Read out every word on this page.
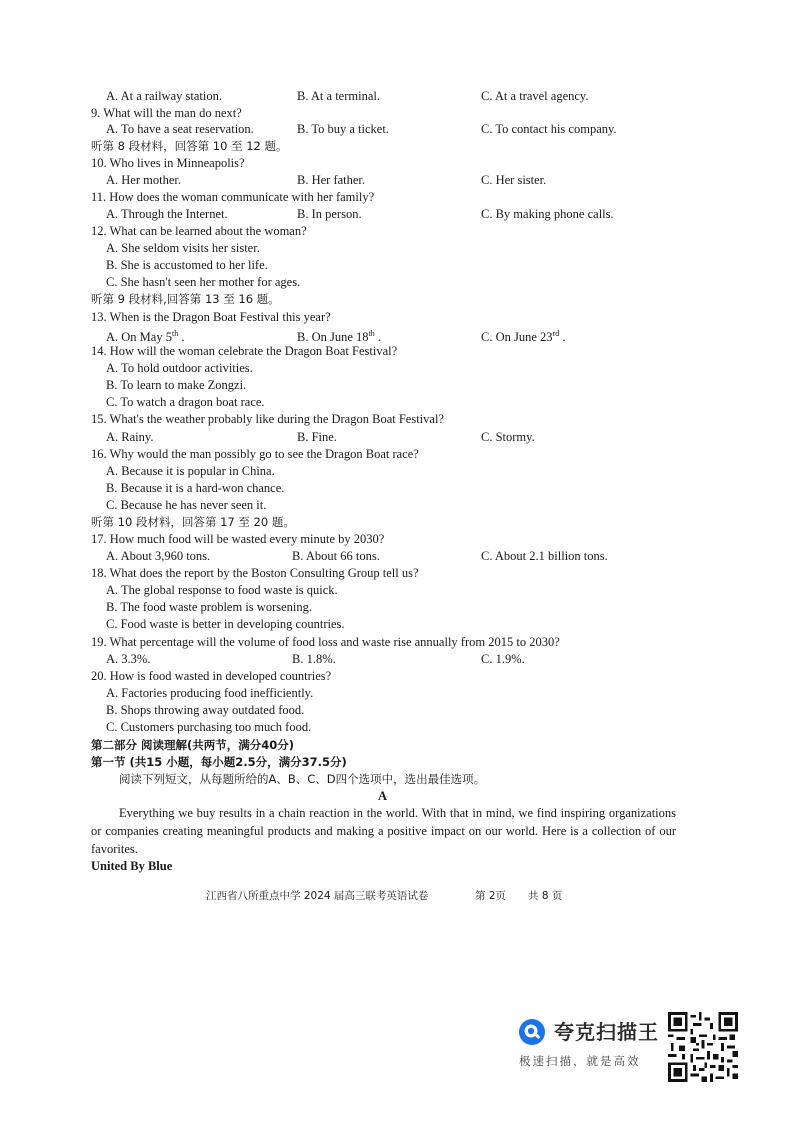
A. At a railway station.	B. At a terminal.	C. At a travel agency.
9. What will the man do next?
A. To have a seat reservation.	B. To buy a ticket.	C. To contact his company.
听第 8 段材料，回答第 10 至 12 题。
10. Who lives in Minneapolis?
A. Her mother.	B. Her father.	C. Her sister.
11. How does the woman communicate with her family?
A. Through the Internet.	B. In person.	C. By making phone calls.
12. What can be learned about the woman?
A. She seldom visits her sister.
B. She is accustomed to her life.
C. She hasn't seen her mother for ages.
听第 9 段材料,回答第 13 至 16 题。
13. When is the Dragon Boat Festival this year?
A. On May 5th .	B. On June 18th .	C. On June 23rd .
14. How will the woman celebrate the Dragon Boat Festival?
A. To hold outdoor activities.
B. To learn to make Zongzi.
C. To watch a dragon boat race.
15. What's the weather probably like during the Dragon Boat Festival?
A. Rainy.	B. Fine.	C. Stormy.
16. Why would the man possibly go to see the Dragon Boat race?
A. Because it is popular in China.
B. Because it is a hard-won chance.
C. Because he has never seen it.
听第 10 段材料，回答第 17 至 20 题。
17. How much food will be wasted every minute by 2030?
A. About 3,960 tons.	B. About 66 tons.	C. About 2.1 billion tons.
18. What does the report by the Boston Consulting Group tell us?
A. The global response to food waste is quick.
B. The food waste problem is worsening.
C. Food waste is better in developing countries.
19. What percentage will the volume of food loss and waste rise annually from 2015 to 2030?
A. 3.3%.	B. 1.8%.	C. 1.9%.
20. How is food wasted in developed countries?
A. Factories producing food inefficiently.
B. Shops throwing away outdated food.
C. Customers purchasing too much food.
第二部分 阅读理解(共两节，满分40分)
第一节 (共15 小题，每小题2.5分，满分37.5分)
阅读下列短文，从每题所给的A、B、C、D四个选项中，选出最佳选项。
A
Everything we buy results in a chain reaction in the world. With that in mind, we find inspiring organizations or companies creating meaningful products and making a positive impact on our world. Here is a collection of our favorites.
United By Blue
江西省八所重点中学 2024 届高三联考英语试卷	第 2页 共 8 页
夸克扫描王
极速扫描，就是高效
